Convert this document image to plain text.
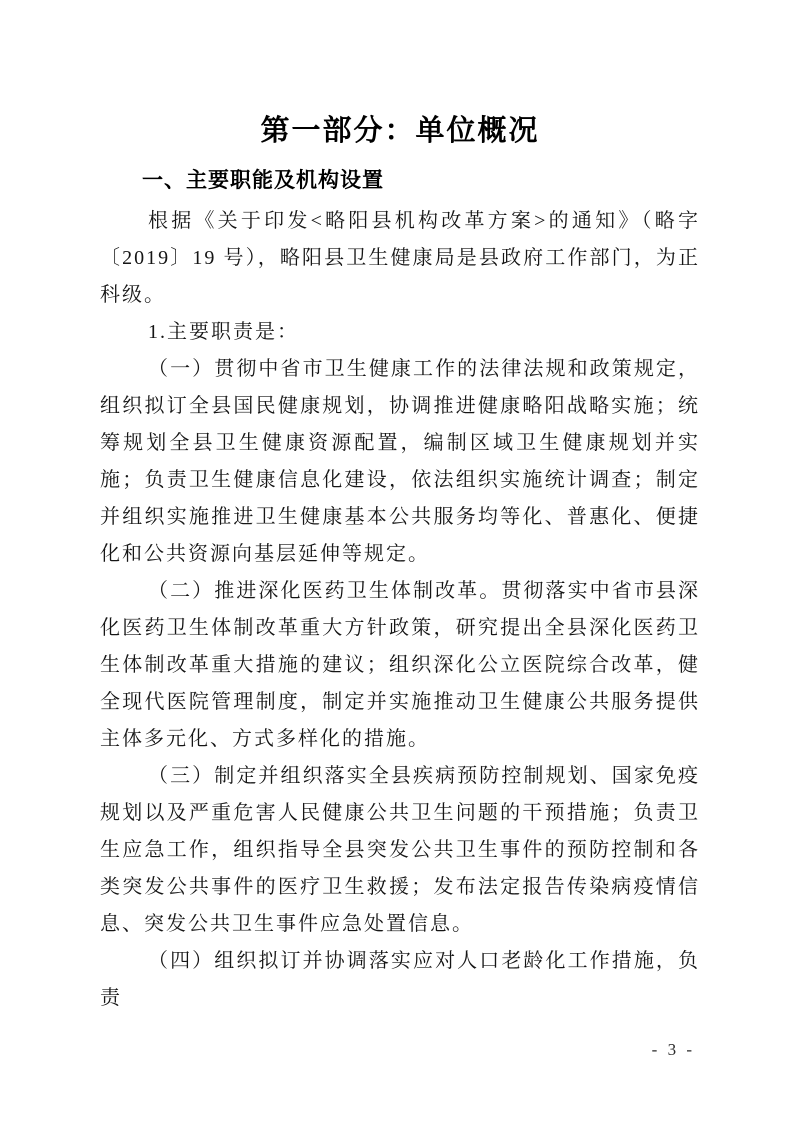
第一部分：单位概况
一、主要职能及机构设置

根据《关于印发<略阳县机构改革方案>的通知》（略字〔2019〕19 号），略阳县卫生健康局是县政府工作部门，为正科级。

1.主要职责是：

（一）贯彻中省市卫生健康工作的法律法规和政策规定，组织拟订全县国民健康规划，协调推进健康略阳战略实施；统筹规划全县卫生健康资源配置，编制区域卫生健康规划并实施；负责卫生健康信息化建设，依法组织实施统计调查；制定并组织实施推进卫生健康基本公共服务均等化、普惠化、便捷化和公共资源向基层延伸等规定。

（二）推进深化医药卫生体制改革。贯彻落实中省市县深化医药卫生体制改革重大方针政策，研究提出全县深化医药卫生体制改革重大措施的建议；组织深化公立医院综合改革，健全现代医院管理制度，制定并实施推动卫生健康公共服务提供主体多元化、方式多样化的措施。

（三）制定并组织落实全县疾病预防控制规划、国家免疫规划以及严重危害人民健康公共卫生问题的干预措施；负责卫生应急工作，组织指导全县突发公共卫生事件的预防控制和各类突发公共事件的医疗卫生救援；发布法定报告传染病疫情信息、突发公共卫生事件应急处置信息。

（四）组织拟订并协调落实应对人口老龄化工作措施，负责

- 3 -
